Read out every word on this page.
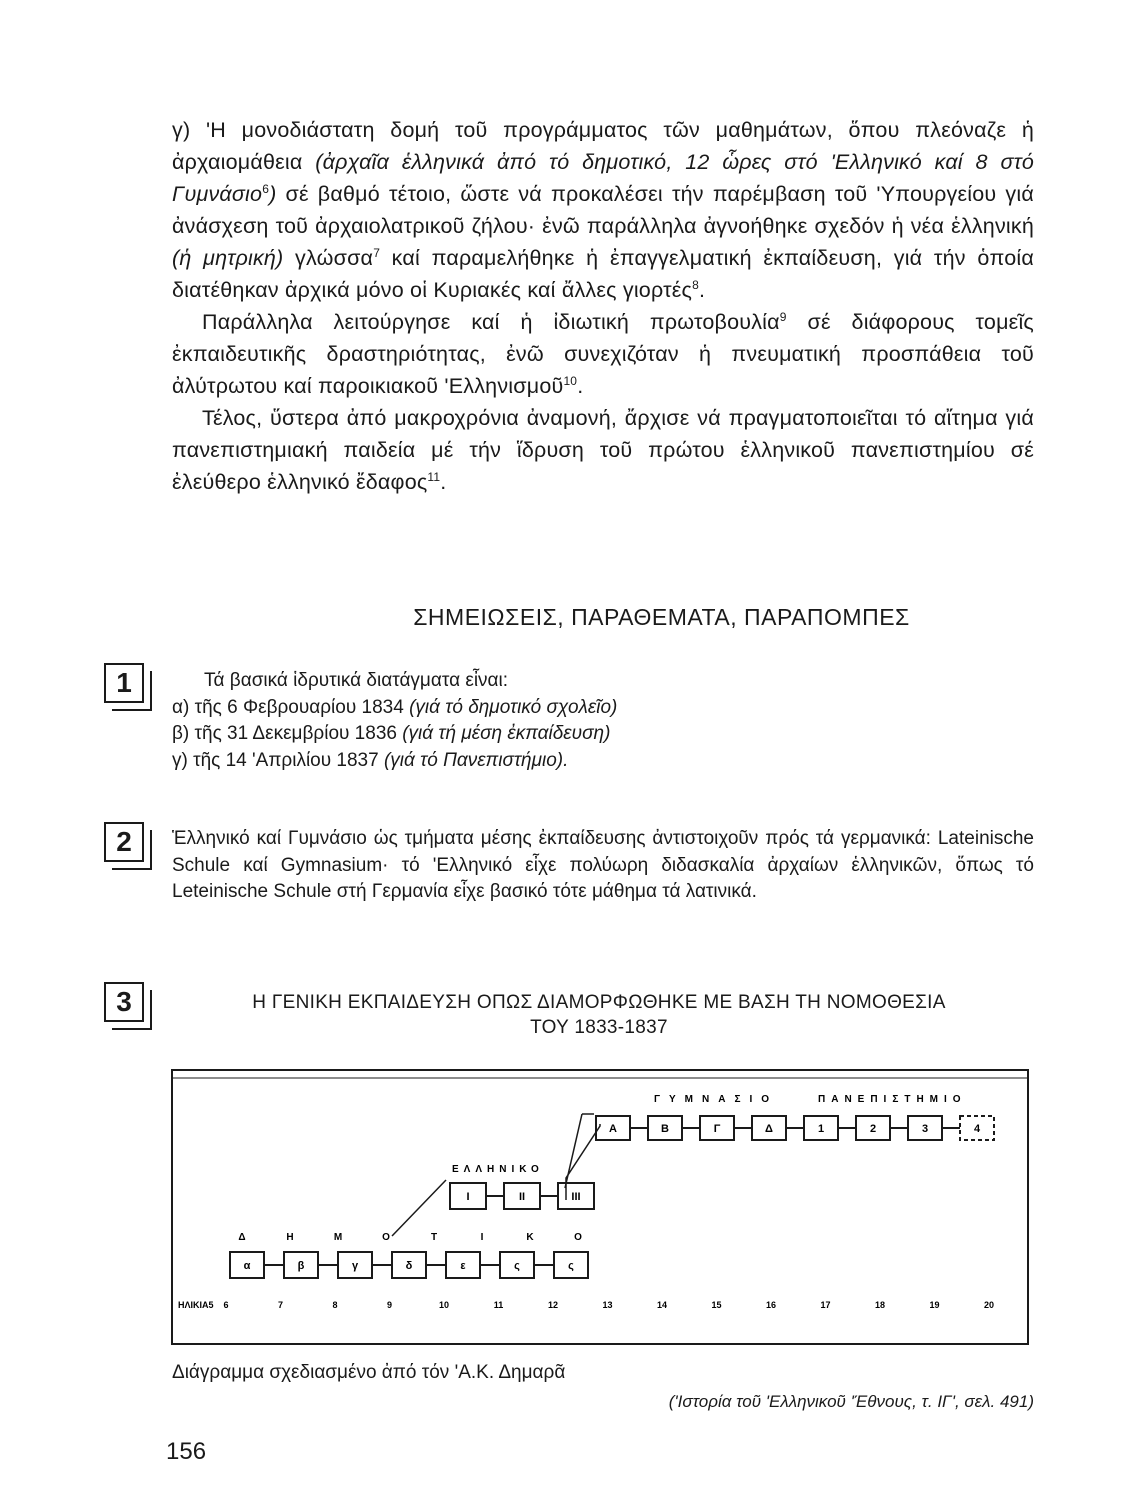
γ) 'Η μονοδιάστατη δομή τοῦ προγράμματος τῶν μαθημάτων, ὅπου πλεόναζε ἡ ἀρχαιομάθεια (ἀρχαῖα ἑλληνικά ἀπό τό δημοτικό, 12 ὧρες στό 'Ελληνικό καί 8 στό Γυμνάσιο$^6$) σέ βαθμό τέτοιο, ὥστε νά προκαλέσει τήν παρέμβαση τοῦ 'Υπουργείου γιά ἀνάσχεση τοῦ ἀρχαιολατρικοῦ ζήλου· ἐνῶ παράλληλα ἀγνοήθηκε σχεδόν ἡ νέα ἑλληνική (ἡ μητρική) γλώσσα$^7$ καί παραμελήθηκε ἡ ἐπαγγελματική ἐκπαίδευση, γιά τήν ὁποία διατέθηκαν ἀρχικά μόνο οἱ Κυριακές καί ἄλλες γιορτές$^8$.

Παράλληλα λειτούργησε καί ἡ ἰδιωτική πρωτοβουλία$^9$ σέ διάφορους τομεῖς ἐκπαιδευτικῆς δραστηριότητας, ἐνῶ συνεχιζόταν ἡ πνευματική προσπάθεια τοῦ ἀλύτρωτου καί παροικιακοῦ 'Ελληνισμοῦ$^{10}$.

Τέλος, ὕστερα ἀπό μακροχρόνια ἀναμονή, ἄρχισε νά πραγματοποιεῖται τό αἴτημα γιά πανεπιστημιακή παιδεία μέ τήν ἵδρυση τοῦ πρώτου ἑλληνικοῦ πανεπιστημίου σέ ἐλεύθερο ἑλληνικό ἔδαφος$^{11}$.

ΣΗΜΕΙΩΣΕΙΣ, ΠΑΡΑΘΕΜΑΤΑ, ΠΑΡΑΠΟΜΠΕΣ
1	Τά βασικά ἱδρυτικά διατάγματα εἶναι:
α) τῆς 6 Φεβρουαρίου 1834 (γιά τό δημοτικό σχολεῖο)
β) τῆς 31 Δεκεμβρίου 1836 (γιά τή μέση ἐκπαίδευση)
γ) τῆς 14 'Απριλίου 1837 (γιά τό Πανεπιστήμιο).
2	Ἑλληνικό καί Γυμνάσιο ὡς τμήματα μέσης ἐκπαίδευσης ἀντιστοιχοῦν πρός τά γερμανικά: Lateinische Schule καί Gymnasium· τό 'Ελληνικό εἶχε πολύωρη διδασκαλία ἀρχαίων ἑλληνικῶν, ὅπως τό Leteinische Schule στή Γερμανία εἶχε βασικό τότε μάθημα τά λατινικά.
3	Η ΓΕΝΙΚΗ ΕΚΠΑΙΔΕΥΣΗ ΟΠΩΣ ΔΙΑΜΟΡΦΩΘΗΚΕ ΜΕ ΒΑΣΗ ΤΗ ΝΟΜΟΘΕΣΙΑ
ΤΟΥ 1833-1837
ΓΥΜΝΑΣΙΟ	ΠΑΝΕΠΙΣΤΗΜΙΟ
ΕΛΛΗΝΙΚΟ
α	β	γ	δ	ε	ς	ς
I	II	III
Α	Β	Γ	Δ	1	2	3	4
Δ	Η	Μ	Ο	Τ	Ι	Κ	Ο
6	7	8	9	10	11	12	13	14	15	16	17	18	19	20
ΗΛΙΚΙΑ5
Διάγραμμα σχεδιασμένο ἀπό τόν 'Α.Κ. Δημαρᾶ
('Ιστορία τοῦ 'Ελληνικοῦ 'Έθνους, τ. ΙΓ', σελ. 491)
156
